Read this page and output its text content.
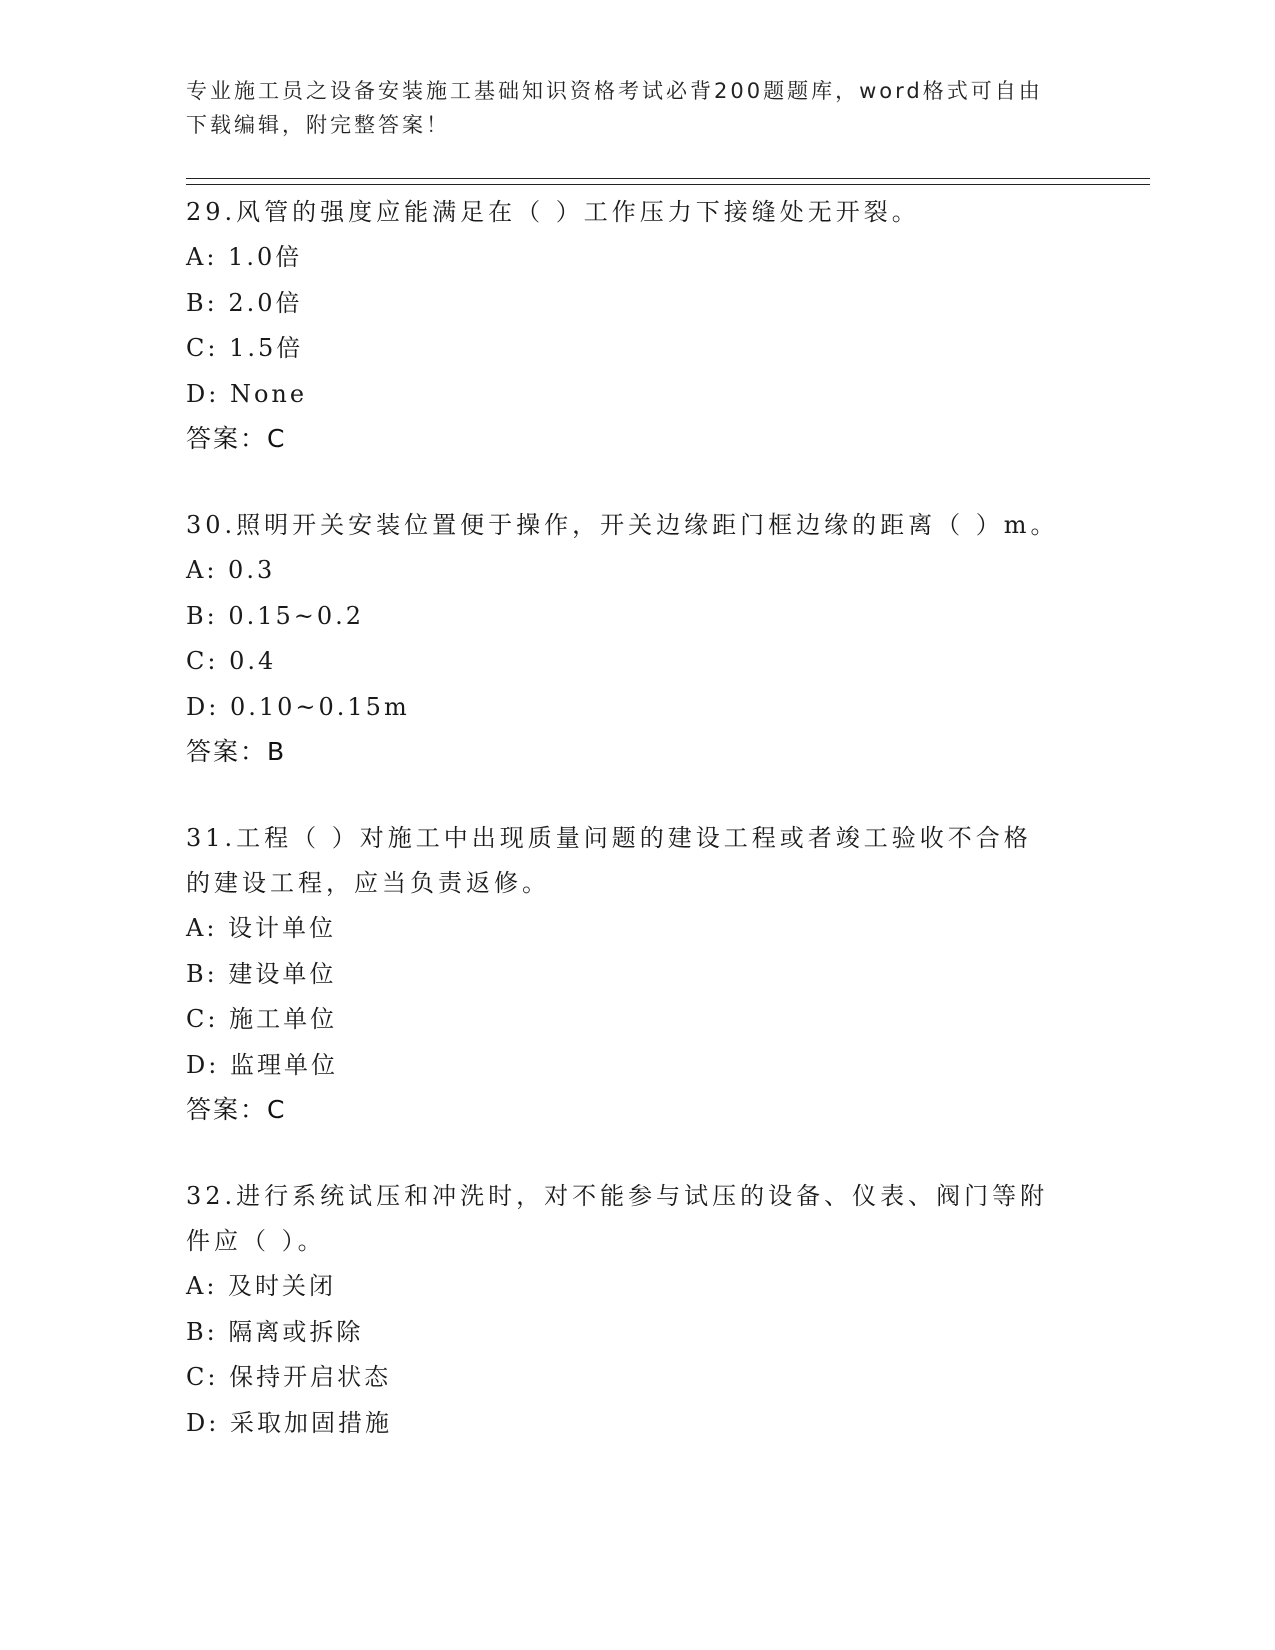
专业施工员之设备安装施工基础知识资格考试必背200题题库，word格式可自由
下载编辑，附完整答案！
29.风管的强度应能满足在（ ）工作压力下接缝处无开裂。
A: 1.0倍
B: 2.0倍
C: 1.5倍
D: None
答案：C
30.照明开关安装位置便于操作，开关边缘距门框边缘的距离（ ）m。
A: 0.3
B: 0.15~0.2
C: 0.4
D: 0.10~0.15m
答案：B
31.工程（ ）对施工中出现质量问题的建设工程或者竣工验收不合格
的建设工程，应当负责返修。
A: 设计单位
B: 建设单位
C: 施工单位
D: 监理单位
答案：C
32.进行系统试压和冲洗时，对不能参与试压的设备、仪表、阀门等附
件应（ ）。
A: 及时关闭
B: 隔离或拆除
C: 保持开启状态
D: 采取加固措施
